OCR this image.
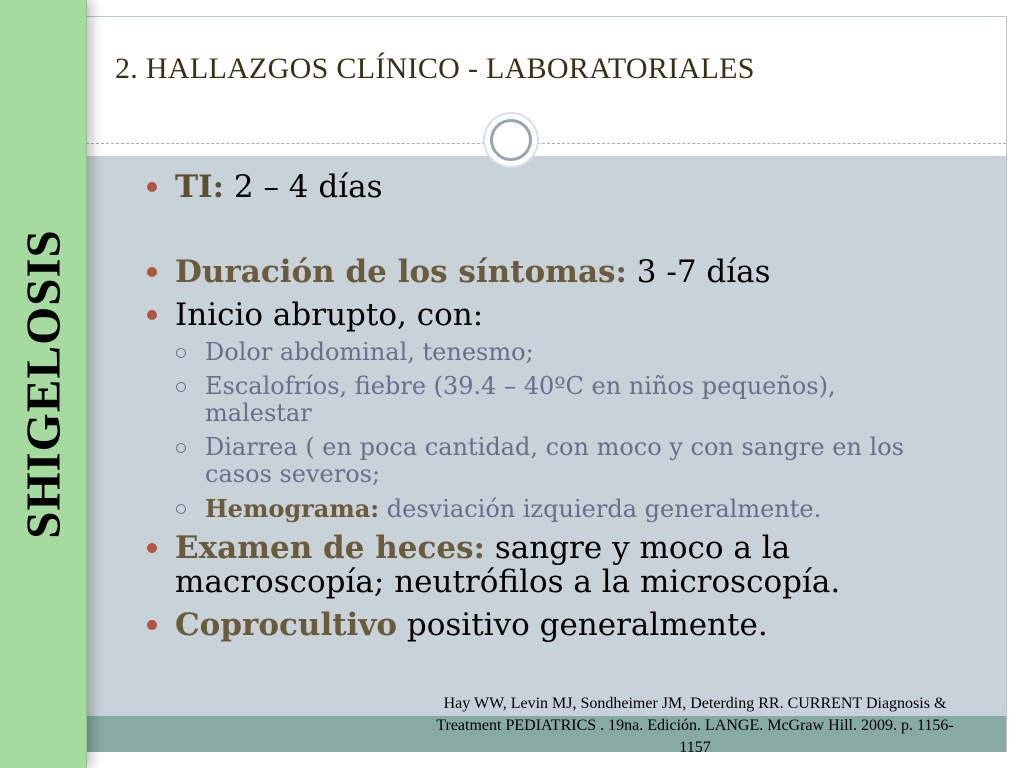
2. HALLAZGOS CLÍNICO - LABORATORIALES
SHIGELOSIS
TI: 2 – 4 días
Duración de los síntomas: 3 -7 días
Inicio abrupto, con:
Dolor abdominal, tenesmo;
Escalofríos, fiebre (39.4 – 40ºC en niños pequeños),
malestar
Diarrea ( en poca cantidad, con moco y con sangre en los
casos severos;
Hemograma: desviación izquierda generalmente.
Examen de heces: sangre y moco a la
macroscopía; neutrófilos a la microscopía.
Coprocultivo positivo generalmente.
Hay WW, Levin MJ, Sondheimer JM, Deterding RR. CURRENT Diagnosis &
Treatment PEDIATRICS . 19na. Edición. LANGE. McGraw Hill. 2009. p. 1156-
1157
